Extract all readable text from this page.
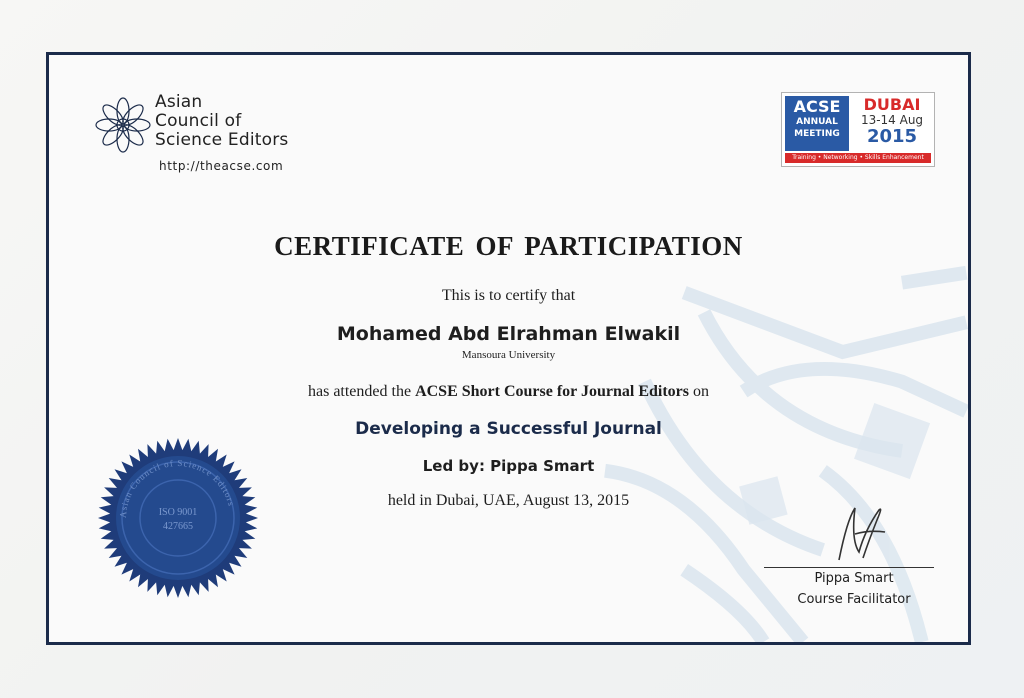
Asian
Council of
Science Editors
http://theacse.com
ACSE
ANNUAL
MEETING
DUBAI
13-14 Aug
2015
Training • Networking • Skills Enhancement
CERTIFICATE OF PARTICIPATION
This is to certify that
Mohamed Abd Elrahman Elwakil
Mansoura University
has attended the ACSE Short Course for Journal Editors on
Developing a Successful Journal
Led by: Pippa Smart
held in Dubai, UAE, August 13, 2015
Asian Council of Science Editors
ISO 9001
427665
Pippa Smart
Course Facilitator
